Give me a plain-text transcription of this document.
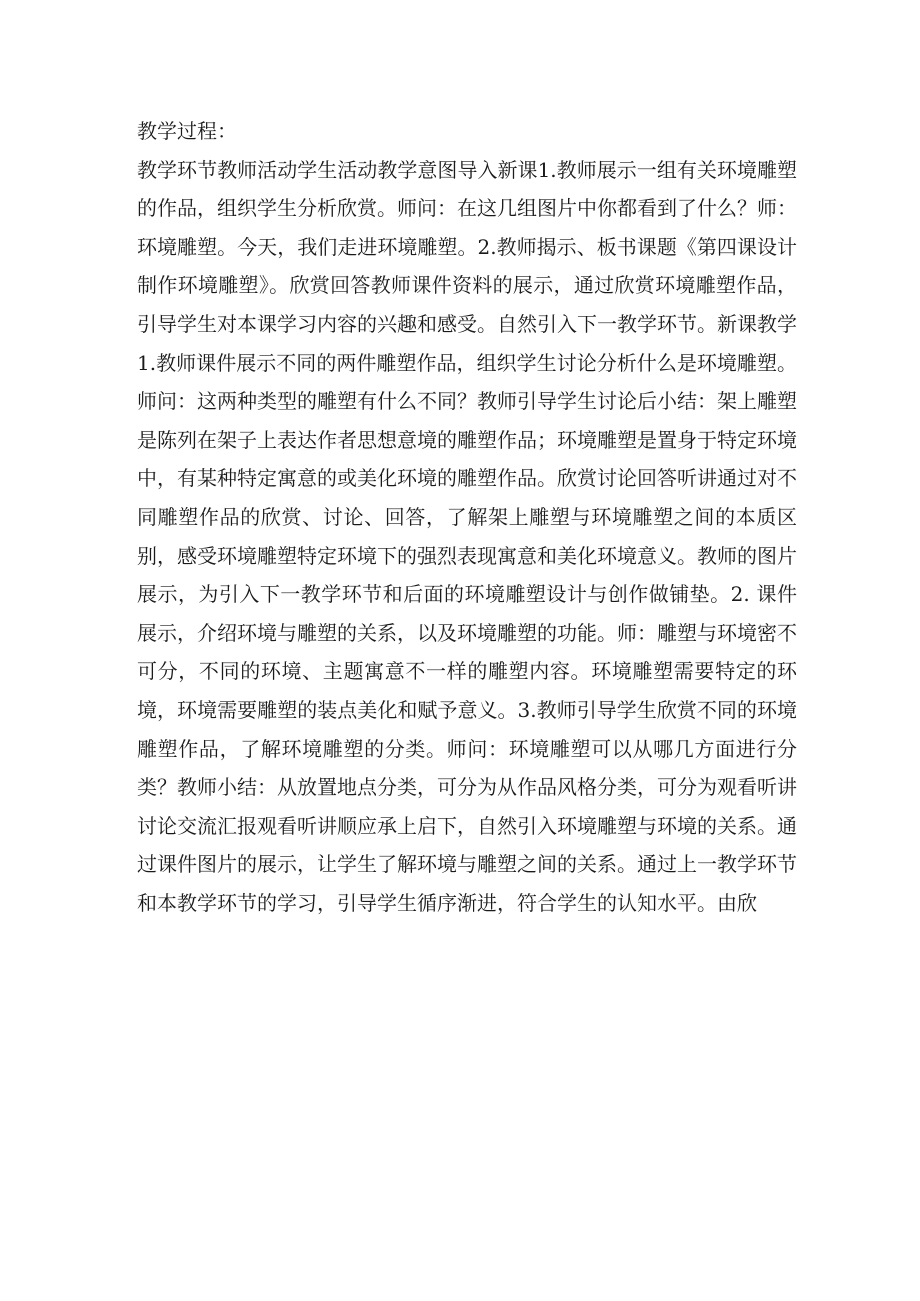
教学过程：

教学环节教师活动学生活动教学意图导入新课1.教师展示一组有关环境雕塑的作品，组织学生分析欣赏。师问：在这几组图片中你都看到了什么？师：环境雕塑。今天，我们走进环境雕塑。2.教师揭示、板书课题《第四课设计制作环境雕塑》。欣赏回答教师课件资料的展示，通过欣赏环境雕塑作品，引导学生对本课学习内容的兴趣和感受。自然引入下一教学环节。新课教学1.教师课件展示不同的两件雕塑作品，组织学生讨论分析什么是环境雕塑。师问：这两种类型的雕塑有什么不同？教师引导学生讨论后小结：架上雕塑是陈列在架子上表达作者思想意境的雕塑作品；环境雕塑是置身于特定环境中，有某种特定寓意的或美化环境的雕塑作品。欣赏讨论回答听讲通过对不同雕塑作品的欣赏、讨论、回答，了解架上雕塑与环境雕塑之间的本质区别，感受环境雕塑特定环境下的强烈表现寓意和美化环境意义。教师的图片展示，为引入下一教学环节和后面的环境雕塑设计与创作做铺垫。2. 课件展示，介绍环境与雕塑的关系，以及环境雕塑的功能。师：雕塑与环境密不可分，不同的环境、主题寓意不一样的雕塑内容。环境雕塑需要特定的环境，环境需要雕塑的装点美化和赋予意义。3.教师引导学生欣赏不同的环境雕塑作品，了解环境雕塑的分类。师问：环境雕塑可以从哪几方面进行分类？教师小结：从放置地点分类，可分为从作品风格分类，可分为观看听讲讨论交流汇报观看听讲顺应承上启下，自然引入环境雕塑与环境的关系。通

过课件图片的展示，让学生了解环境与雕塑之间的关系。通过上一教学环节和本教学环节的学习，引导学生循序渐进，符合学生的认知水平。由欣
